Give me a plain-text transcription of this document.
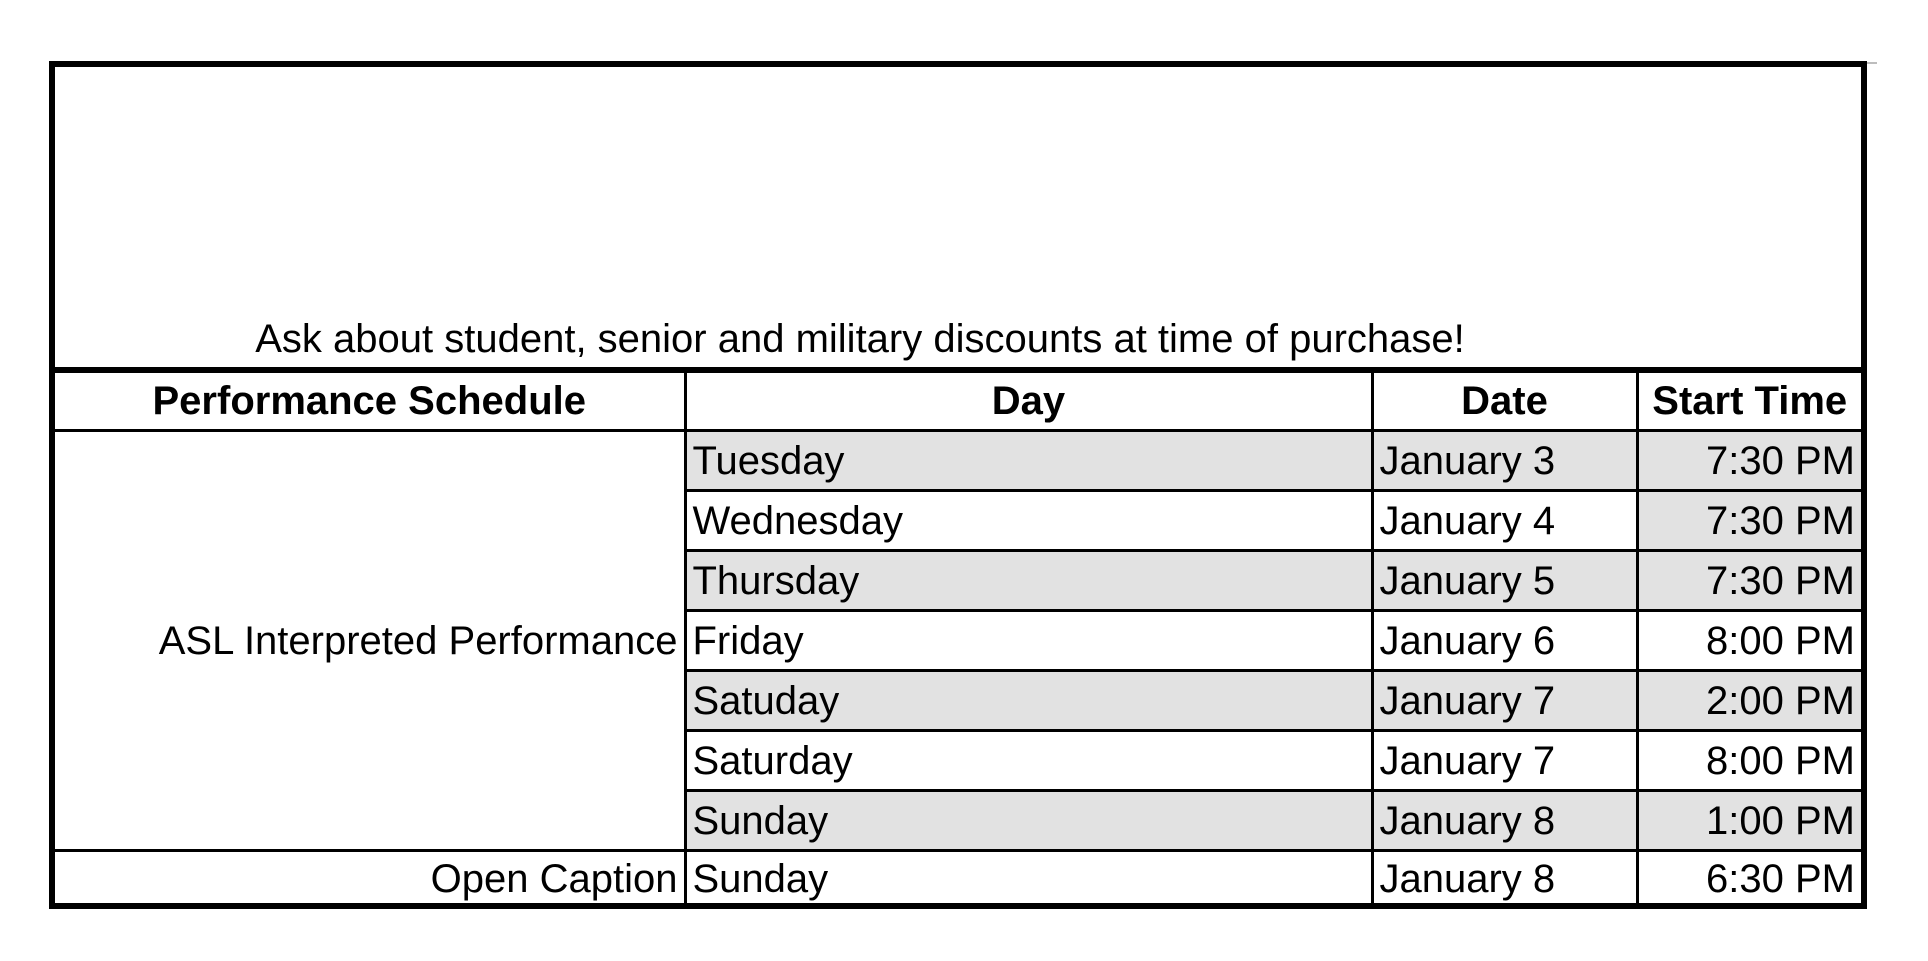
Ask about student, senior and military discounts at time of purchase!
Performance Schedule	Day	Date	Start Time
ASL Interpreted Performance	Tuesday	January 3	7:30 PM
	Wednesday	January 4	7:30 PM
	Thursday	January 5	7:30 PM
	Friday	January 6	8:00 PM
	Satuday	January 7	2:00 PM
	Saturday	January 7	8:00 PM
	Sunday	January 8	1:00 PM
Open Caption	Sunday	January 8	6:30 PM
